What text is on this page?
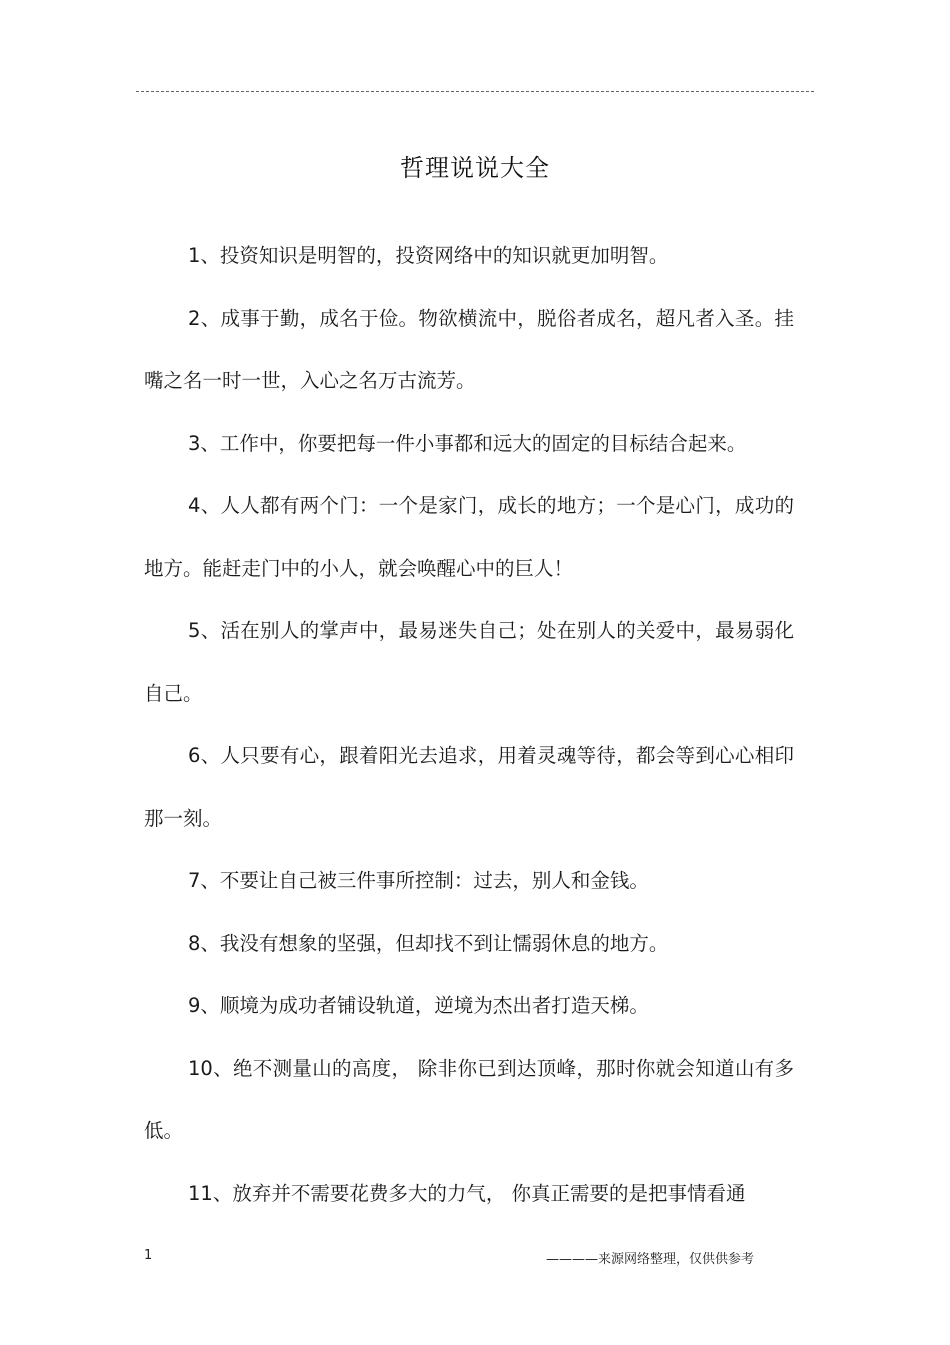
哲理说说大全

1、投资知识是明智的，投资网络中的知识就更加明智。

2、成事于勤，成名于俭。物欲横流中，脱俗者成名，超凡者入圣。挂嘴之名一时一世，入心之名万古流芳。

3、工作中，你要把每一件小事都和远大的固定的目标结合起来。

4、人人都有两个门：一个是家门，成长的地方；一个是心门，成功的地方。能赶走门中的小人，就会唤醒心中的巨人！

5、活在别人的掌声中，最易迷失自己；处在别人的关爱中，最易弱化自己。

6、人只要有心，跟着阳光去追求，用着灵魂等待，都会等到心心相印那一刻。

7、不要让自己被三件事所控制：过去，别人和金钱。

8、我没有想象的坚强，但却找不到让懦弱休息的地方。

9、顺境为成功者铺设轨道，逆境为杰出者打造天梯。

10、绝不测量山的高度， 除非你已到达顶峰，那时你就会知道山有多低。

11、放弃并不需要花费多大的力气， 你真正需要的是把事情看通

1	————来源网络整理，仅供供参考
